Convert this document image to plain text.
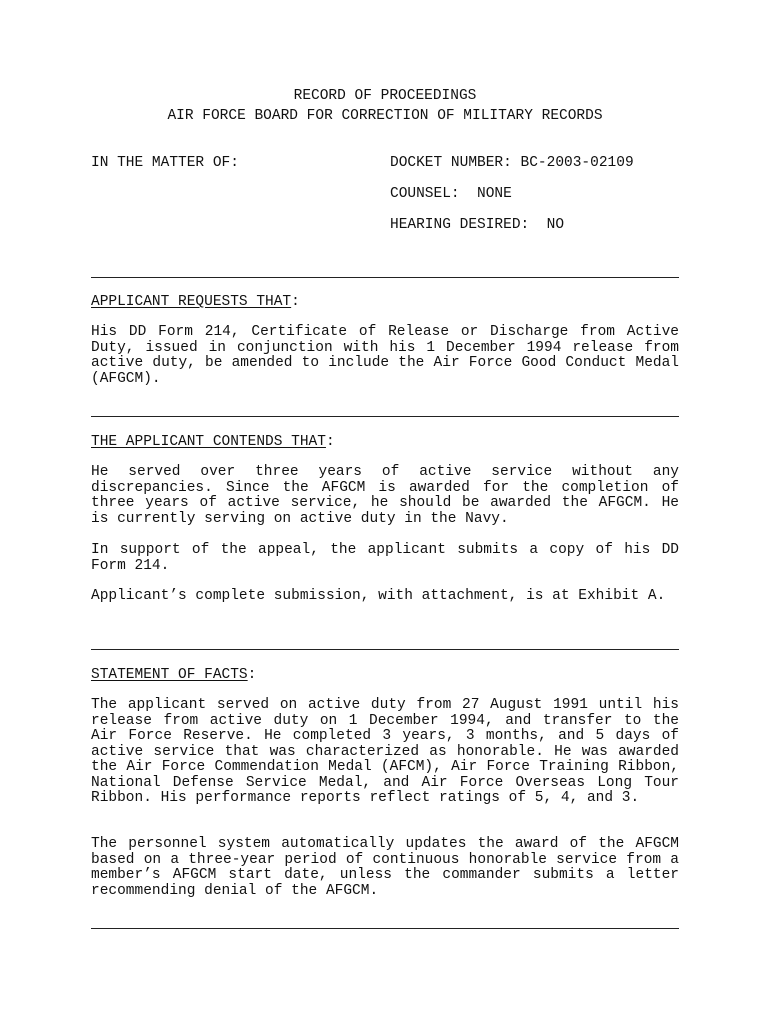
RECORD OF PROCEEDINGS
AIR FORCE BOARD FOR CORRECTION OF MILITARY RECORDS
IN THE MATTER OF:	DOCKET NUMBER: BC-2003-02109
COUNSEL:  NONE
HEARING DESIRED:  NO
APPLICANT REQUESTS THAT:
His DD Form 214, Certificate of Release or Discharge from Active Duty, issued in conjunction with his 1 December 1994 release from active duty, be amended to include the Air Force Good Conduct Medal (AFGCM).
THE APPLICANT CONTENDS THAT:
He served over three years of active service without any discrepancies. Since the AFGCM is awarded for the completion of three years of active service, he should be awarded the AFGCM. He is currently serving on active duty in the Navy.
In support of the appeal, the applicant submits a copy of his DD Form 214.
Applicant’s complete submission, with attachment, is at Exhibit A.
STATEMENT OF FACTS:
The applicant served on active duty from 27 August 1991 until his release from active duty on 1 December 1994, and transfer to the Air Force Reserve. He completed 3 years, 3 months, and 5 days of active service that was characterized as honorable. He was awarded the Air Force Commendation Medal (AFCM), Air Force Training Ribbon, National Defense Service Medal, and Air Force Overseas Long Tour Ribbon. His performance reports reflect ratings of 5, 4, and 3.
The personnel system automatically updates the award of the AFGCM based on a three-year period of continuous honorable service from a member’s AFGCM start date, unless the commander submits a letter recommending denial of the AFGCM.
